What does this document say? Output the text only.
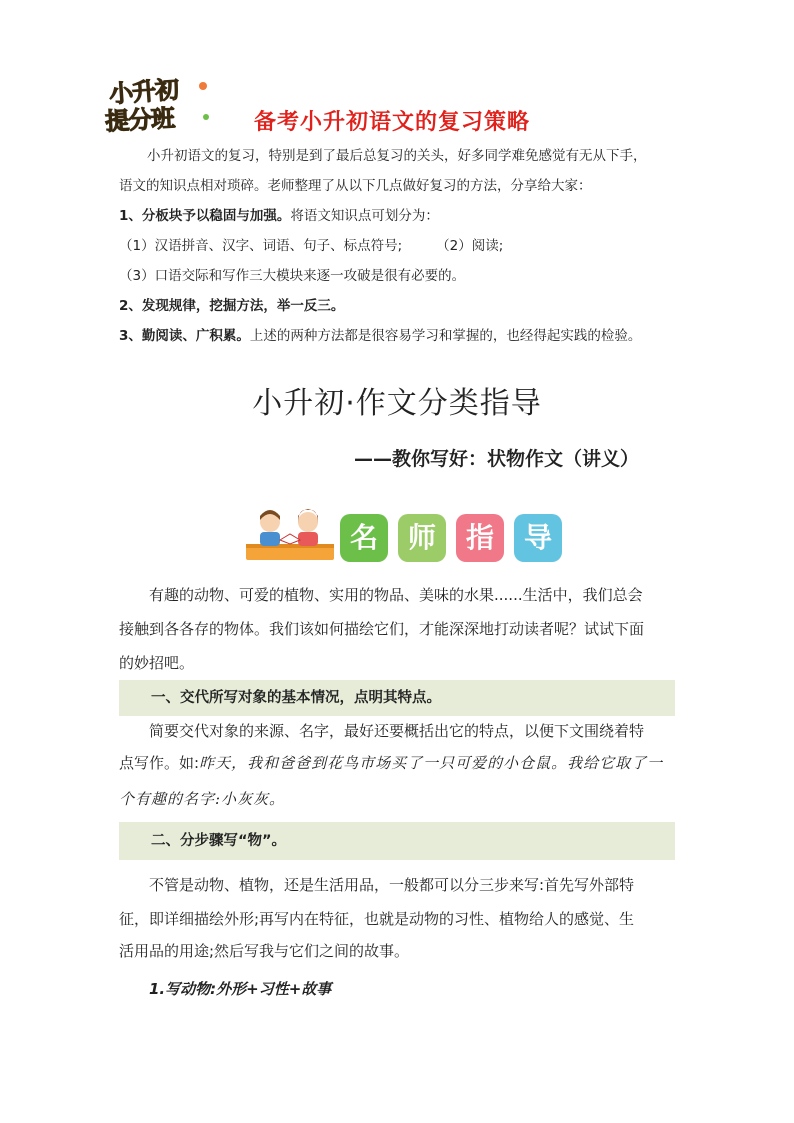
小升初
提分班	备考小升初语文的复习策略
小升初语文的复习，特别是到了最后总复习的关头，好多同学难免感觉有无从下手，
语文的知识点相对琐碎。老师整理了从以下几点做好复习的方法，分享给大家：
1、分板块予以稳固与加强。将语文知识点可划分为：
（1）汉语拼音、汉字、词语、句子、标点符号;	（2）阅读;
（3）口语交际和写作三大模块来逐一攻破是很有必要的。
2、发现规律，挖掘方法，举一反三。
3、勤阅读、广积累。上述的两种方法都是很容易学习和掌握的，也经得起实践的检验。
小升初·作文分类指导
——教你写好：状物作文（讲义）
名	师	指	导
有趣的动物、可爱的植物、实用的物品、美味的水果......生活中，我们总会
接触到各各存的物体。我们该如何描绘它们，才能深深地打动读者呢？试试下面
的妙招吧。
一、交代所写对象的基本情况，点明其特点。
简要交代对象的来源、名字，最好还要概括出它的特点，以便下文围绕着特
点写作。如:昨天，我和爸爸到花鸟市场买了一只可爱的小仓鼠。我给它取了一
个有趣的名字:小灰灰。
二、分步骤写“物”。
不管是动物、植物，还是生活用品，一般都可以分三步来写:首先写外部特
征，即详细描绘外形;再写内在特征，也就是动物的习性、植物给人的感觉、生
活用品的用途;然后写我与它们之间的故事。
1.写动物:外形+习性+故事
